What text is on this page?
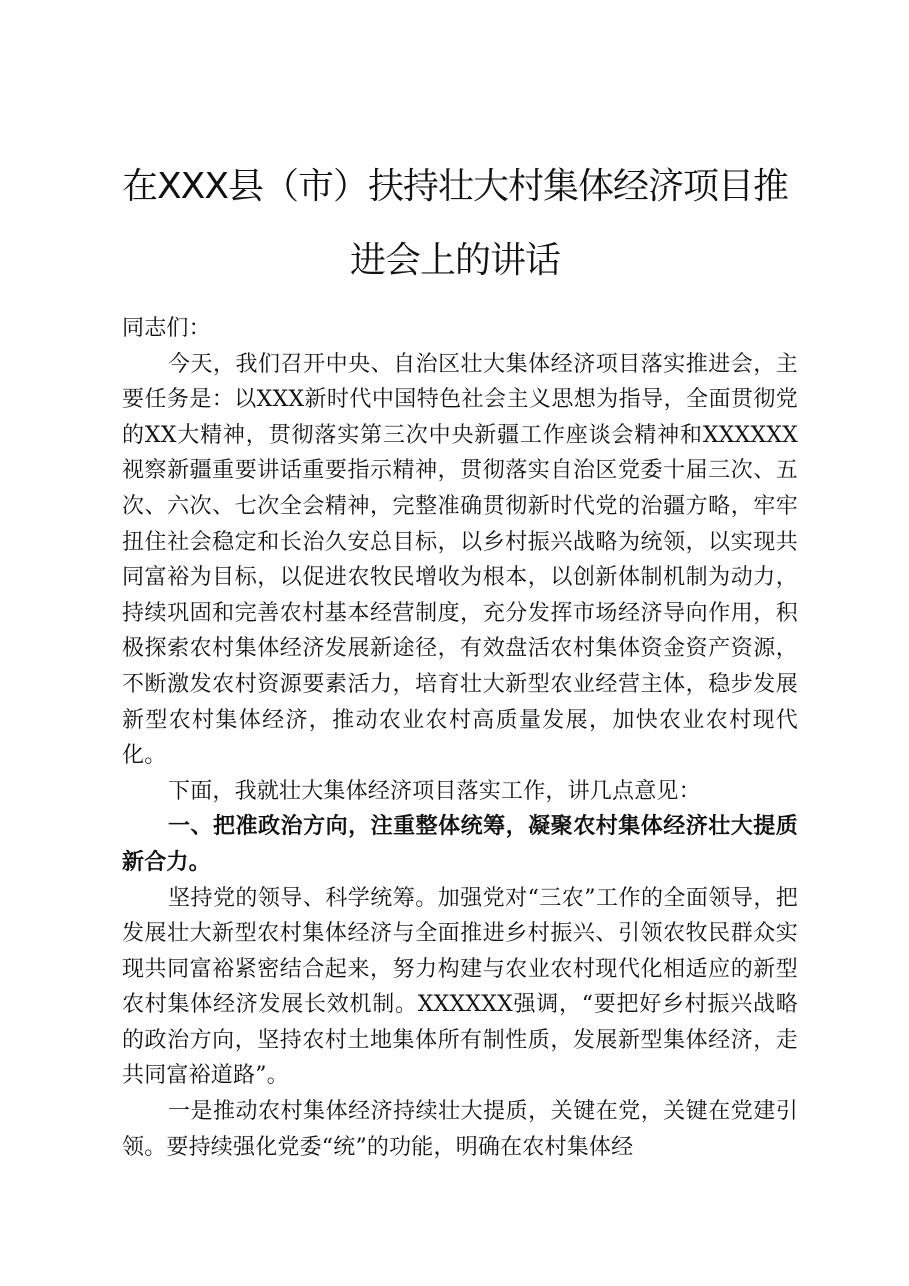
在XXX县（市）扶持壮大村集体经济项目推
进会上的讲话

同志们：

今天，我们召开中央、自治区壮大集体经济项目落实推进会，主要任务是：以XXX新时代中国特色社会主义思想为指导，全面贯彻党的XX大精神，贯彻落实第三次中央新疆工作座谈会精神和XXXXXX视察新疆重要讲话重要指示精神，贯彻落实自治区党委十届三次、五次、六次、七次全会精神，完整准确贯彻新时代党的治疆方略，牢牢扭住社会稳定和长治久安总目标，以乡村振兴战略为统领，以实现共同富裕为目标，以促进农牧民增收为根本，以创新体制机制为动力，持续巩固和完善农村基本经营制度，充分发挥市场经济导向作用，积极探索农村集体经济发展新途径，有效盘活农村集体资金资产资源，不断激发农村资源要素活力，培育壮大新型农业经营主体，稳步发展新型农村集体经济，推动农业农村高质量发展，加快农业农村现代化。

下面，我就壮大集体经济项目落实工作，讲几点意见：

一、把准政治方向，注重整体统筹，凝聚农村集体经济壮大提质新合力。

坚持党的领导、科学统筹。加强党对“三农”工作的全面领导，把发展壮大新型农村集体经济与全面推进乡村振兴、引领农牧民群众实现共同富裕紧密结合起来，努力构建与农业农村现代化相适应的新型农村集体经济发展长效机制。XXXXXX强调，“要把好乡村振兴战略的政治方向，坚持农村土地集体所有制性质，发展新型集体经济，走共同富裕道路”。

一是推动农村集体经济持续壮大提质，关键在党，关键在党建引领。要持续强化党委“统”的功能，明确在农村集体经
